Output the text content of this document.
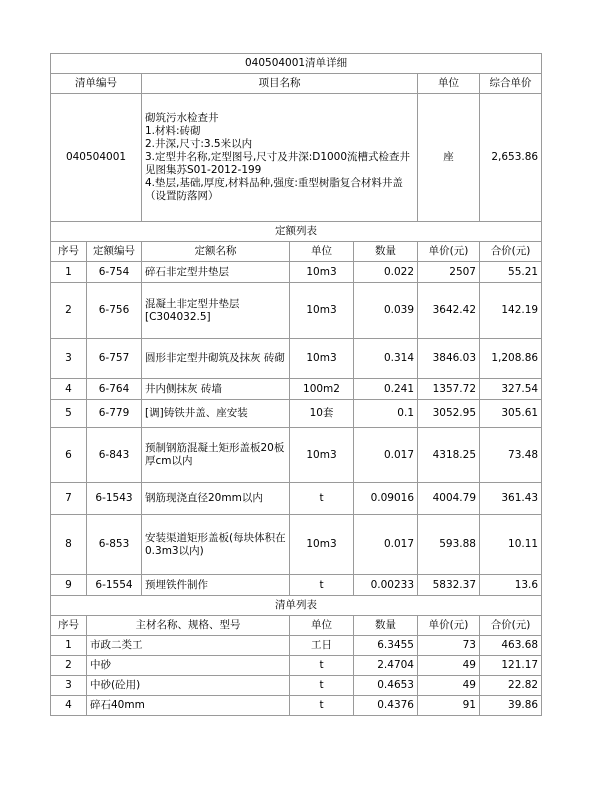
040504001清单详细						
清单编号		项目名称			单位	综合单价
040504001		砌筑污水检查井
1.材料:砖砌
2.井深,尺寸:3.5米以内
3.定型井名称,定型图号,尺寸及井深:D1000流槽式检查井见图集苏S01-2012-199
4.垫层,基础,厚度,材料品种,强度:重型树脂复合材料井盖（设置防落网）			座	2,653.86
定额列表						
序号	定额编号	定额名称	单位	数量	单价(元)	合价(元)
1	6-754	碎石非定型井垫层	10m3	0.022	2507	55.21
2	6-756	混凝土非定型井垫层[C304032.5]	10m3	0.039	3642.42	142.19
3	6-757	圆形非定型井砌筑及抹灰 砖砌	10m3	0.314	3846.03	1,208.86
4	6-764	井内侧抹灰 砖墙	100m2	0.241	1357.72	327.54
5	6-779	[调]铸铁井盖、座安装	10套	0.1	3052.95	305.61
6	6-843	预制钢筋混凝土矩形盖板20板厚cm以内	10m3	0.017	4318.25	73.48
7	6-1543	钢筋现浇直径20mm以内	t	0.09016	4004.79	361.43
8	6-853	安装渠道矩形盖板(每块体积在0.3m3以内)	10m3	0.017	593.88	10.11
9	6-1554	预埋铁件制作	t	0.00233	5832.37	13.6
清单列表						
序号	主材名称、规格、型号		单位	数量	单价(元)	合价(元)
1	市政二类工		工日	6.3455	73	463.68
2	中砂		t	2.4704	49	121.17
3	中砂(砼用)		t	0.4653	49	22.82
4	碎石40mm		t	0.4376	91	39.86
